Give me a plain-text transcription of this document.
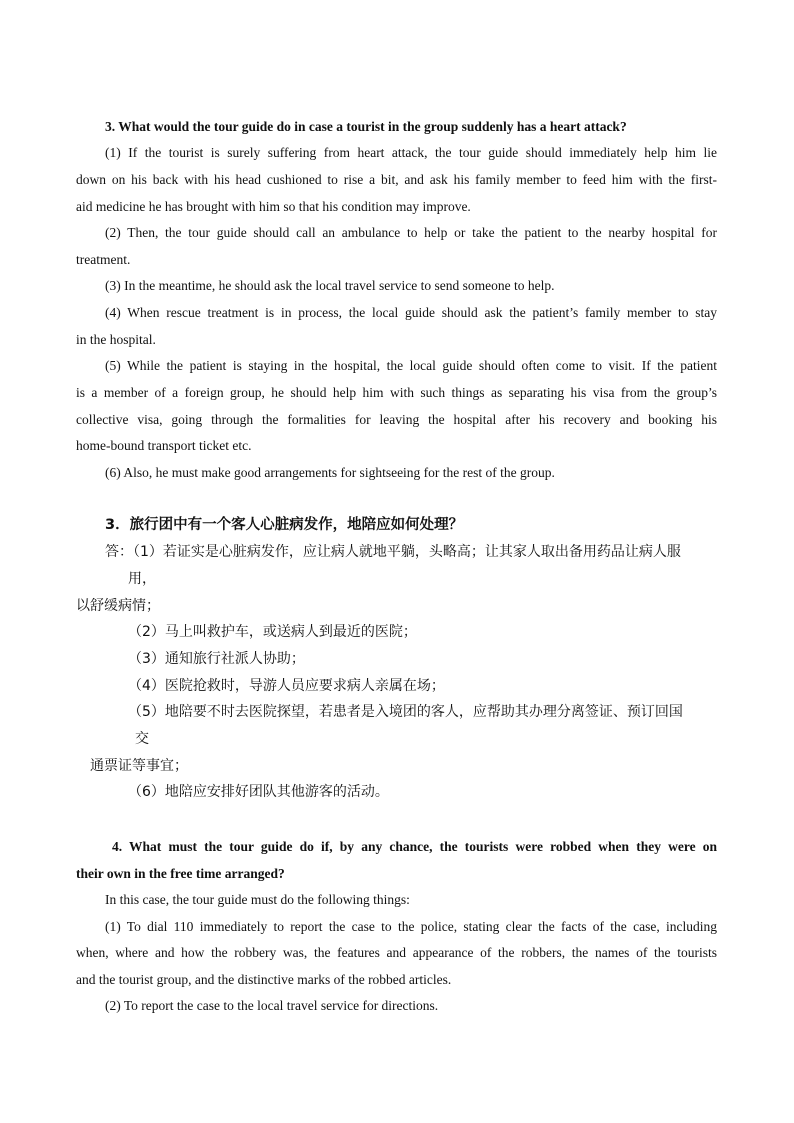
3. What would the tour guide do in case a tourist in the group suddenly has a heart attack?
(1) If the tourist is surely suffering from heart attack, the tour guide should immediately help him lie
down on his back with his head cushioned to rise a bit, and ask his family member to feed him with the first-
aid medicine he has brought with him so that his condition may improve.
(2) Then, the tour guide should call an ambulance to help or take the patient to the nearby hospital for
treatment.
(3) In the meantime, he should ask the local travel service to send someone to help.
(4) When rescue treatment is in process, the local guide should ask the patient’s family member to stay
in the hospital.
(5) While the patient is staying in the hospital, the local guide should often come to visit. If the patient
is a member of a foreign group, he should help him with such things as separating his visa from the group’s
collective visa, going through the formalities for leaving the hospital after his recovery and booking his
home-bound transport ticket etc.
(6) Also, he must make good arrangements for sightseeing for the rest of the group.
3．旅行团中有一个客人心脏病发作，地陪应如何处理？
答：（1）若证实是心脏病发作，应让病人就地平躺，头略高；让其家人取出备用药品让病人服
用，
以舒缓病情；
（2）马上叫救护车，或送病人到最近的医院；
（3）通知旅行社派人协助；
（4）医院抢救时，导游人员应要求病人亲属在场；
（5）地陪要不时去医院探望，若患者是入境团的客人，应帮助其办理分离签证、预订回国
交
通票证等事宜；
（6）地陪应安排好团队其他游客的活动。
4. What must the tour guide do if, by any chance, the tourists were robbed when they were on
their own in the free time arranged?
In this case, the tour guide must do the following things:
(1) To dial 110 immediately to report the case to the police, stating clear the facts of the case, including
when, where and how the robbery was, the features and appearance of the robbers, the names of the tourists
and the tourist group, and the distinctive marks of the robbed articles.
(2) To report the case to the local travel service for directions.
